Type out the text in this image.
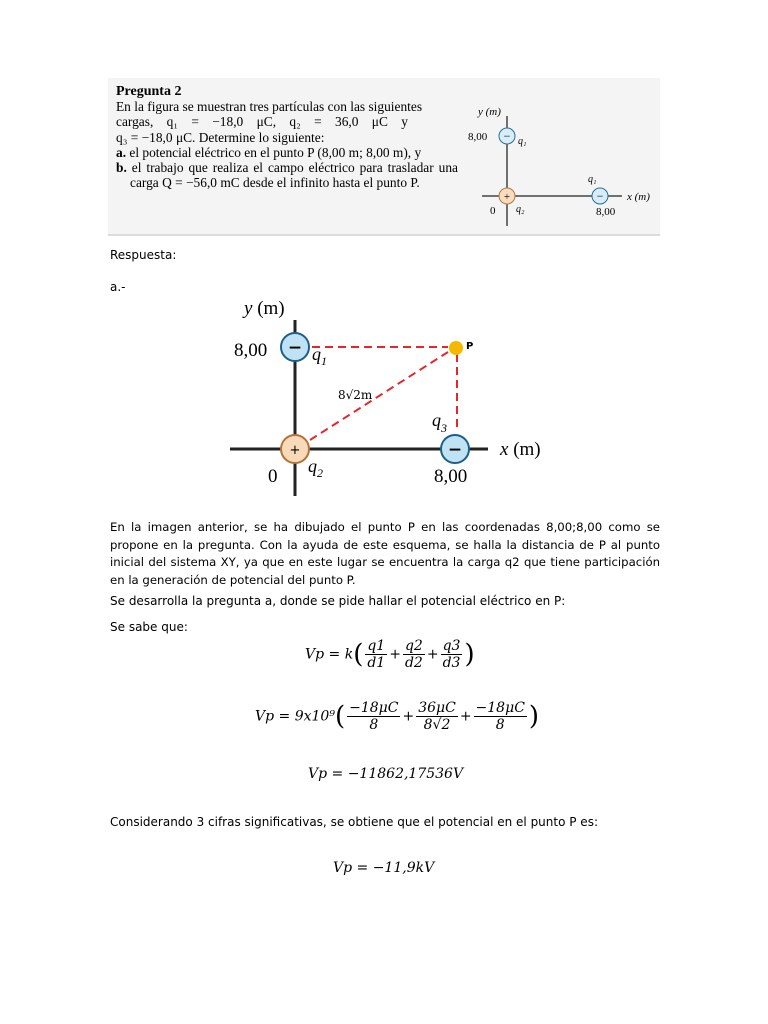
Pregunta 2
En la figura se muestran tres partículas con las siguientes
cargas, q₁ = −18,0 μC, q₂ = 36,0 μC y
q₃ = −18,0 μC. Determine lo siguiente:
a. el potencial eléctrico en el punto P (8,00 m; 8,00 m), y
b. el trabajo que realiza el campo eléctrico para trasladar una carga Q = −56,0 mC desde el infinito hasta el punto P.
−
+	−
y (m)
8,00	q₁
0 q₂
q₁
x (m)
8,00
Respuesta:
a.-
−
+	−
P
y (m)
8,00 $q_1$
8√2m
$q_3$
x (m)
0 $q_2$	8,00
En la imagen anterior, se ha dibujado el punto P en las coordenadas 8,00;8,00 como se propone en la pregunta. Con la ayuda de este esquema, se halla la distancia de P al punto inicial del sistema XY, ya que en este lugar se encuentra la carga q2 que tiene participación en la generación de potencial del punto P.
Se desarrolla la pregunta a, donde se pide hallar el potencial eléctrico en P:
Se sabe que:
$Vp = k( \frac{q1}{d1} + \frac{q2}{d2} + \frac{q3}{d3}$ )
$Vp = 9x10^9( \frac{-18\mu C}{8} + \frac{36\mu C}{8√2} + \frac{-18\mu C}{8}$ )
Vp = −11862,17536V
Considerando 3 cifras significativas, se obtiene que el potencial en el punto P es:
Vp = −11,9kV
